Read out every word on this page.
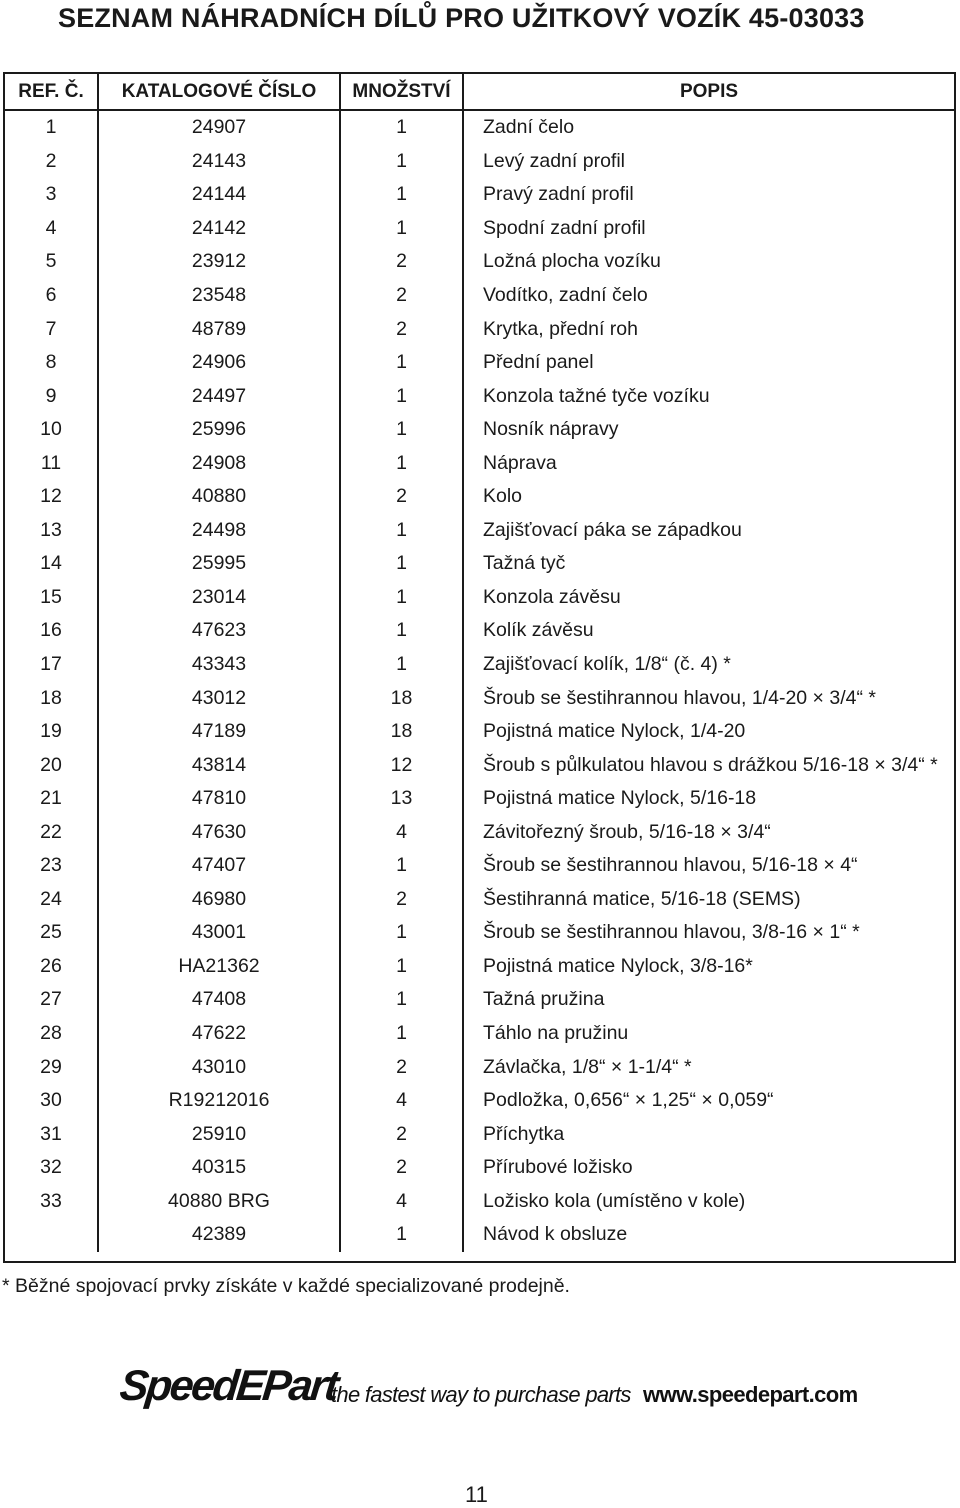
SEZNAM NÁHRADNÍCH DÍLŮ PRO UŽITKOVÝ VOZÍK 45-03033
REF. Č.	KATALOGOVÉ ČÍSLO	MNOŽSTVÍ	POPIS
1	24907	1	Zadní čelo
2	24143	1	Levý zadní profil
3	24144	1	Pravý zadní profil
4	24142	1	Spodní zadní profil
5	23912	2	Ložná plocha vozíku
6	23548	2	Vodítko, zadní čelo
7	48789	2	Krytka, přední roh
8	24906	1	Přední panel
9	24497	1	Konzola tažné tyče vozíku
10	25996	1	Nosník nápravy
11	24908	1	Náprava
12	40880	2	Kolo
13	24498	1	Zajišťovací páka se západkou
14	25995	1	Tažná tyč
15	23014	1	Konzola závěsu
16	47623	1	Kolík závěsu
17	43343	1	Zajišťovací kolík, 1/8“ (č. 4) *
18	43012	18	Šroub se šestihrannou hlavou, 1/4-20 × 3/4“ *
19	47189	18	Pojistná matice Nylock, 1/4-20
20	43814	12	Šroub s půlkulatou hlavou s drážkou 5/16-18 × 3/4“ *
21	47810	13	Pojistná matice Nylock, 5/16-18
22	47630	4	Závitořezný šroub, 5/16-18 × 3/4“
23	47407	1	Šroub se šestihrannou hlavou, 5/16-18 × 4“
24	46980	2	Šestihranná matice, 5/16-18 (SEMS)
25	43001	1	Šroub se šestihrannou hlavou, 3/8-16 × 1“ *
26	HA21362	1	Pojistná matice Nylock, 3/8-16*
27	47408	1	Tažná pružina
28	47622	1	Táhlo na pružinu
29	43010	2	Závlačka, 1/8“ × 1-1/4“ *
30	R19212016	4	Podložka, 0,656“ × 1,25“ × 0,059“
31	25910	2	Příchytka
32	40315	2	Přírubové ložisko
33	40880 BRG	4	Ložisko kola (umístěno v kole)
	42389	1	Návod k obsluze
* Běžné spojovací prvky získáte v každé specializované prodejně.
SpeedEPart
the fastest way to purchase parts www.speedepart.com
11
